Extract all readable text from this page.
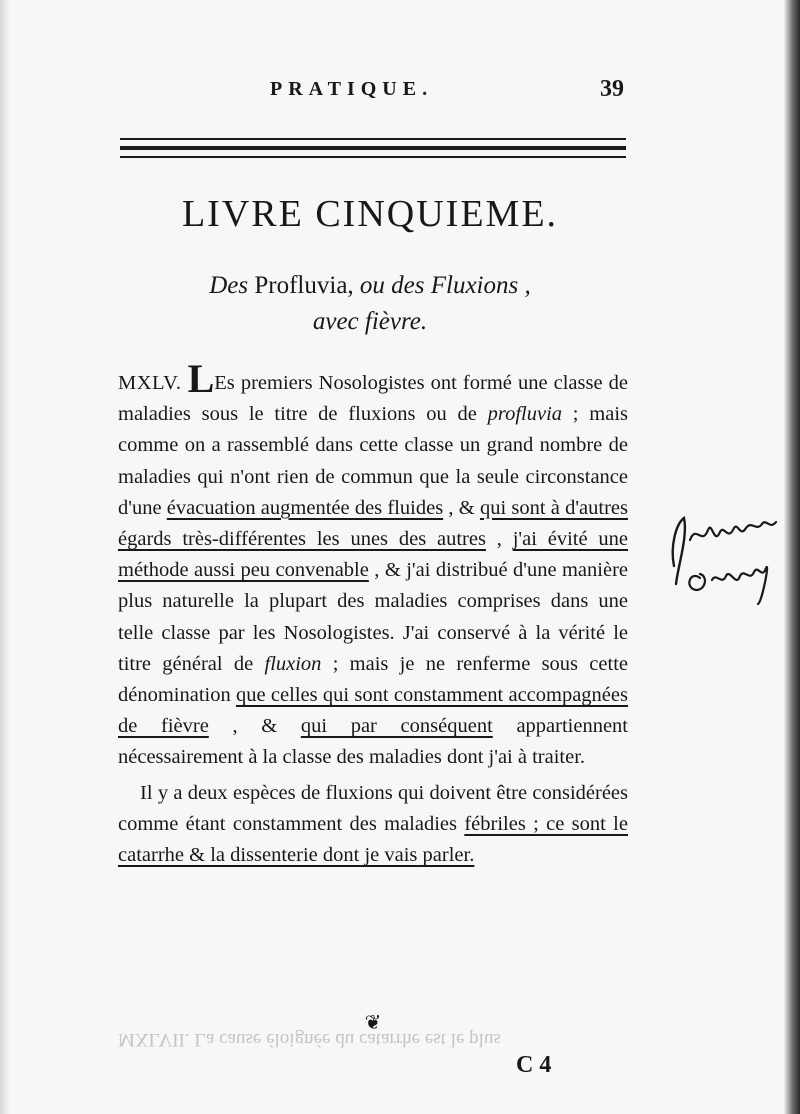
PRATIQUE.	39
LIVRE CINQUIEME.
Des Profluvia, ou des Fluxions ,
avec fièvre.

MXLV. LEs premiers Nosologistes ont formé une classe de maladies sous le titre de fluxions ou de profluvia ; mais comme on a rassemblé dans cette classe un grand nombre de maladies qui n'ont rien de commun que la seule circonstance d'une évacuation augmentée des fluides , & qui sont à d'autres égards très-différentes les unes des autres , j'ai évité une méthode aussi peu convenable , & j'ai distribué d'une manière plus naturelle la plupart des maladies comprises dans une telle classe par les Nosologistes. J'ai conservé à la vérité le titre général de fluxion ; mais je ne renferme sous cette dénomination que celles qui sont constamment accompagnées de fièvre , & qui par conséquent appartiennent nécessairement à la classe des maladies dont j'ai à traiter.

Il y a deux espèces de fluxions qui doivent être considérées comme étant constamment des maladies fébriles ; ce sont le catarrhe & la dissenterie dont je vais parler.

MXLVII. La cause éloignée du catarrhe est le plus
❦
C 4
